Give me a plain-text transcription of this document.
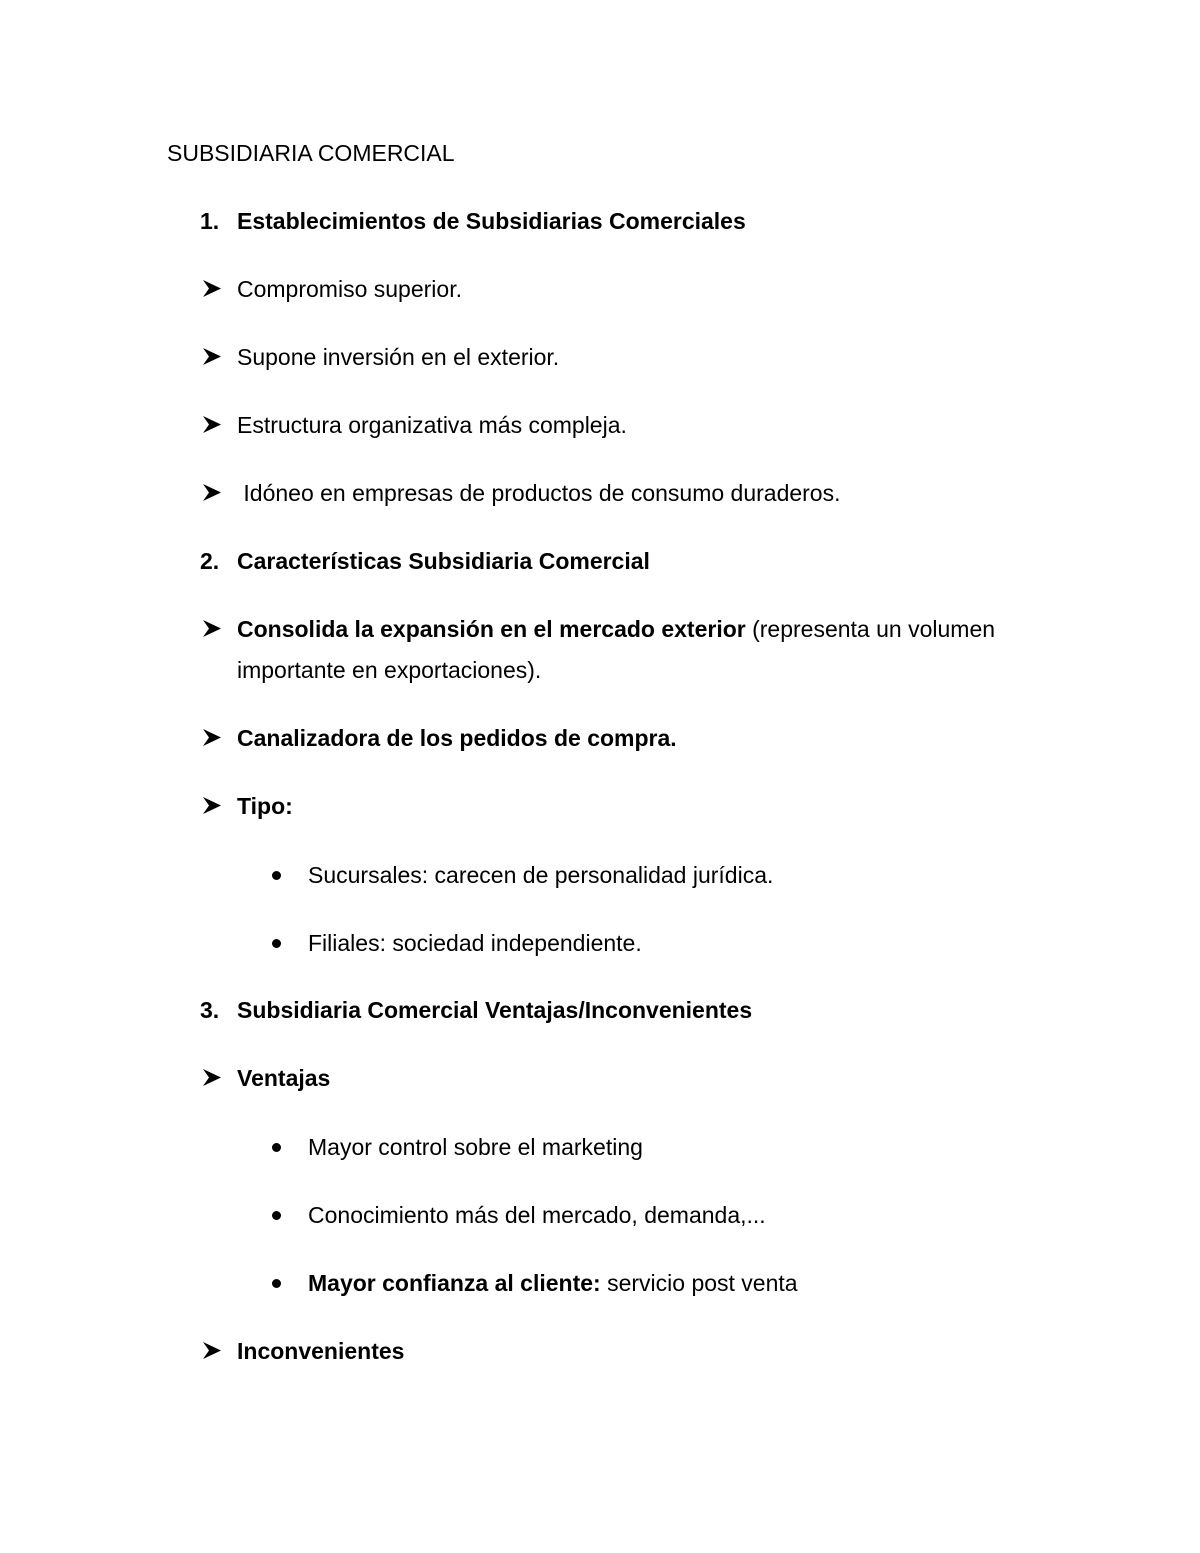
SUBSIDIARIA COMERCIAL
1. Establecimientos de Subsidiarias Comerciales
Compromiso superior.
Supone inversión en el exterior.
Estructura organizativa más compleja.
Idóneo en empresas de productos de consumo duraderos.
2. Características Subsidiaria Comercial
Consolida la expansión en el mercado exterior (representa un volumen
importante en exportaciones).
Canalizadora de los pedidos de compra.
Tipo:
Sucursales: carecen de personalidad jurídica.
Filiales: sociedad independiente.
3. Subsidiaria Comercial Ventajas/Inconvenientes
Ventajas
Mayor control sobre el marketing
Conocimiento más del mercado, demanda,...
Mayor confianza al cliente: servicio post venta
Inconvenientes
